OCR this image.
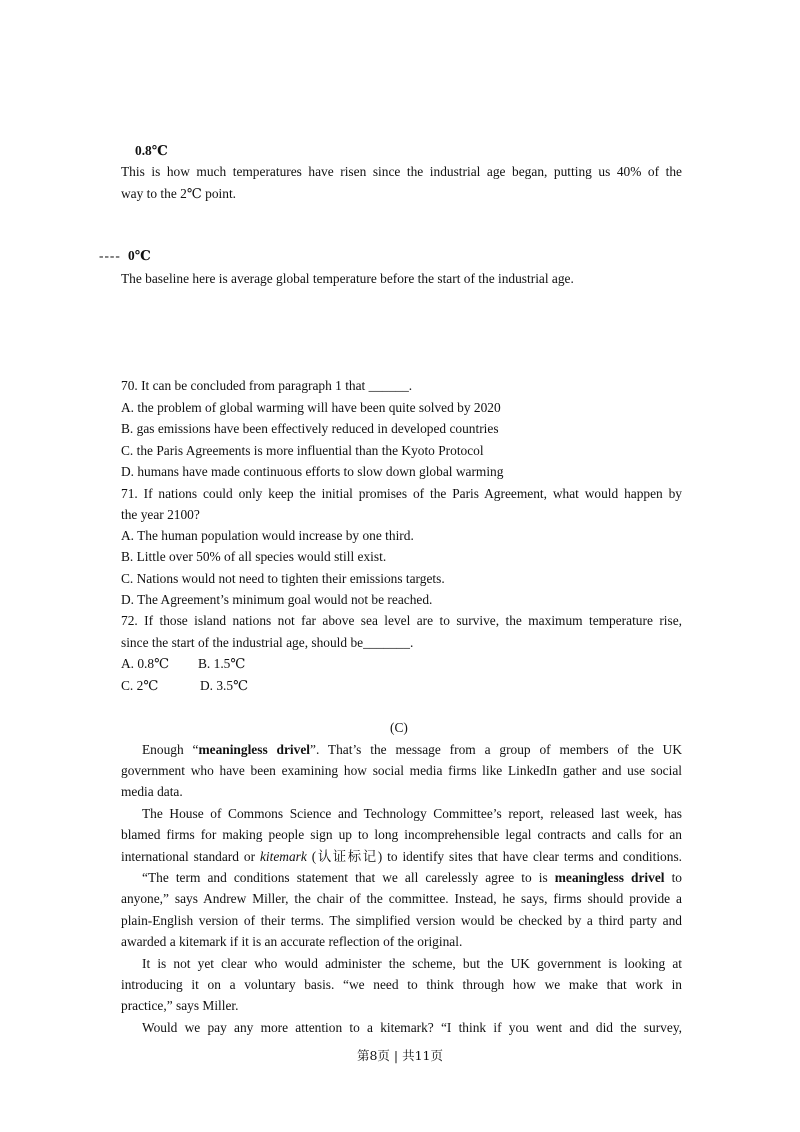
0.8℃
This is how much temperatures have risen since the industrial age began, putting us 40% of the
way to the 2℃ point.
---- 0℃
The baseline here is average global temperature before the start of the industrial age.
70. It can be concluded from paragraph 1 that ______.
A. the problem of global warming will have been quite solved by 2020
B. gas emissions have been effectively reduced in developed countries
C. the Paris Agreements is more influential than the Kyoto Protocol
D. humans have made continuous efforts to slow down global warming
71. If nations could only keep the initial promises of the Paris Agreement, what would happen by
the year 2100?
A. The human population would increase by one third.
B. Little over 50% of all species would still exist.
C. Nations would not need to tighten their emissions targets.
D. The Agreement’s minimum goal would not be reached.
72. If those island nations not far above sea level are to survive, the maximum temperature rise,
since the start of the industrial age, should be_______.
A. 0.8℃ B. 1.5℃
C. 2℃	D. 3.5℃
(C)
Enough “meaningless drivel”. That’s the message from a group of members of the UK
government who have been examining how social media firms like LinkedIn gather and use social
media data.
The House of Commons Science and Technology Committee’s report, released last week, has
blamed firms for making people sign up to long incomprehensible legal contracts and calls for an
international standard or kitemark (认证标记) to identify sites that have clear terms and conditions.
“The term and conditions statement that we all carelessly agree to is meaningless drivel to
anyone,” says Andrew Miller, the chair of the committee. Instead, he says, firms should provide a
plain-English version of their terms. The simplified version would be checked by a third party and
awarded a kitemark if it is an accurate reflection of the original.
It is not yet clear who would administer the scheme, but the UK government is looking at
introducing it on a voluntary basis. “we need to think through how we make that work in
practice,” says Miller.
Would we pay any more attention to a kitemark? “I think if you went and did the survey,
第8页 | 共11页
